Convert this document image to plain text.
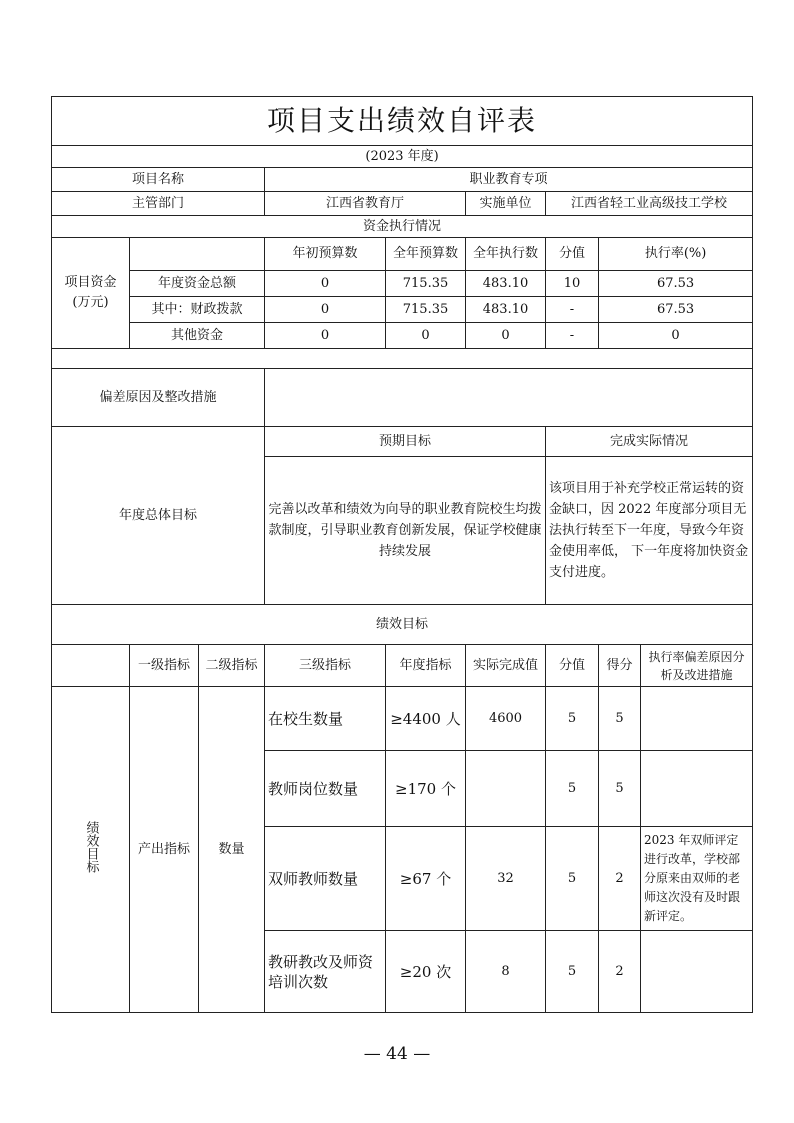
项目支出绩效自评表									
(2023 年度)									
项目名称			职业教育专项						
主管部门			江西省教育厅		实施单位	江西省轻工业高级技工学校			
资金执行情况									
项目资金
(万元)			年初预算数	全年预算数	全年执行数	分值	执行率(%)	
	年度资金总额		0	715.35	483.10	10	67.53	
	其中：财政拨款		0	715.35	483.10	-	67.53	
	其他资金		0	0	0	-	0	

偏差原因及整改措施									
年度总体目标			预期目标			完成实际情况			
			完善以改革和绩效为向导的职业教育院校生均拨款制度，引导职业教育创新发展，保证学校健康持续发展			该项目用于补充学校正常运转的资金缺口，因 2022 年度部分项目无法执行转至下一年度，导致今年资金使用率低， 下一年度将加快资金支付进度。			
绩效目标									
	一级指标	二级指标	三级指标	年度指标	实际完成值	分值	得分	执行率偏差原因分析及改进措施	
绩效目标	产出指标	数量	在校生数量	≥4400 人	4600	5	5		
			教师岗位数量	≥170 个		5	5		
			双师教师数量	≥67 个	32	5	2	2023 年双师评定进行改革，学校部分原来由双师的老师这次没有及时跟新评定。	
			教研教改及师资培训次数	≥20 次	8	5	2		
— 44 —
